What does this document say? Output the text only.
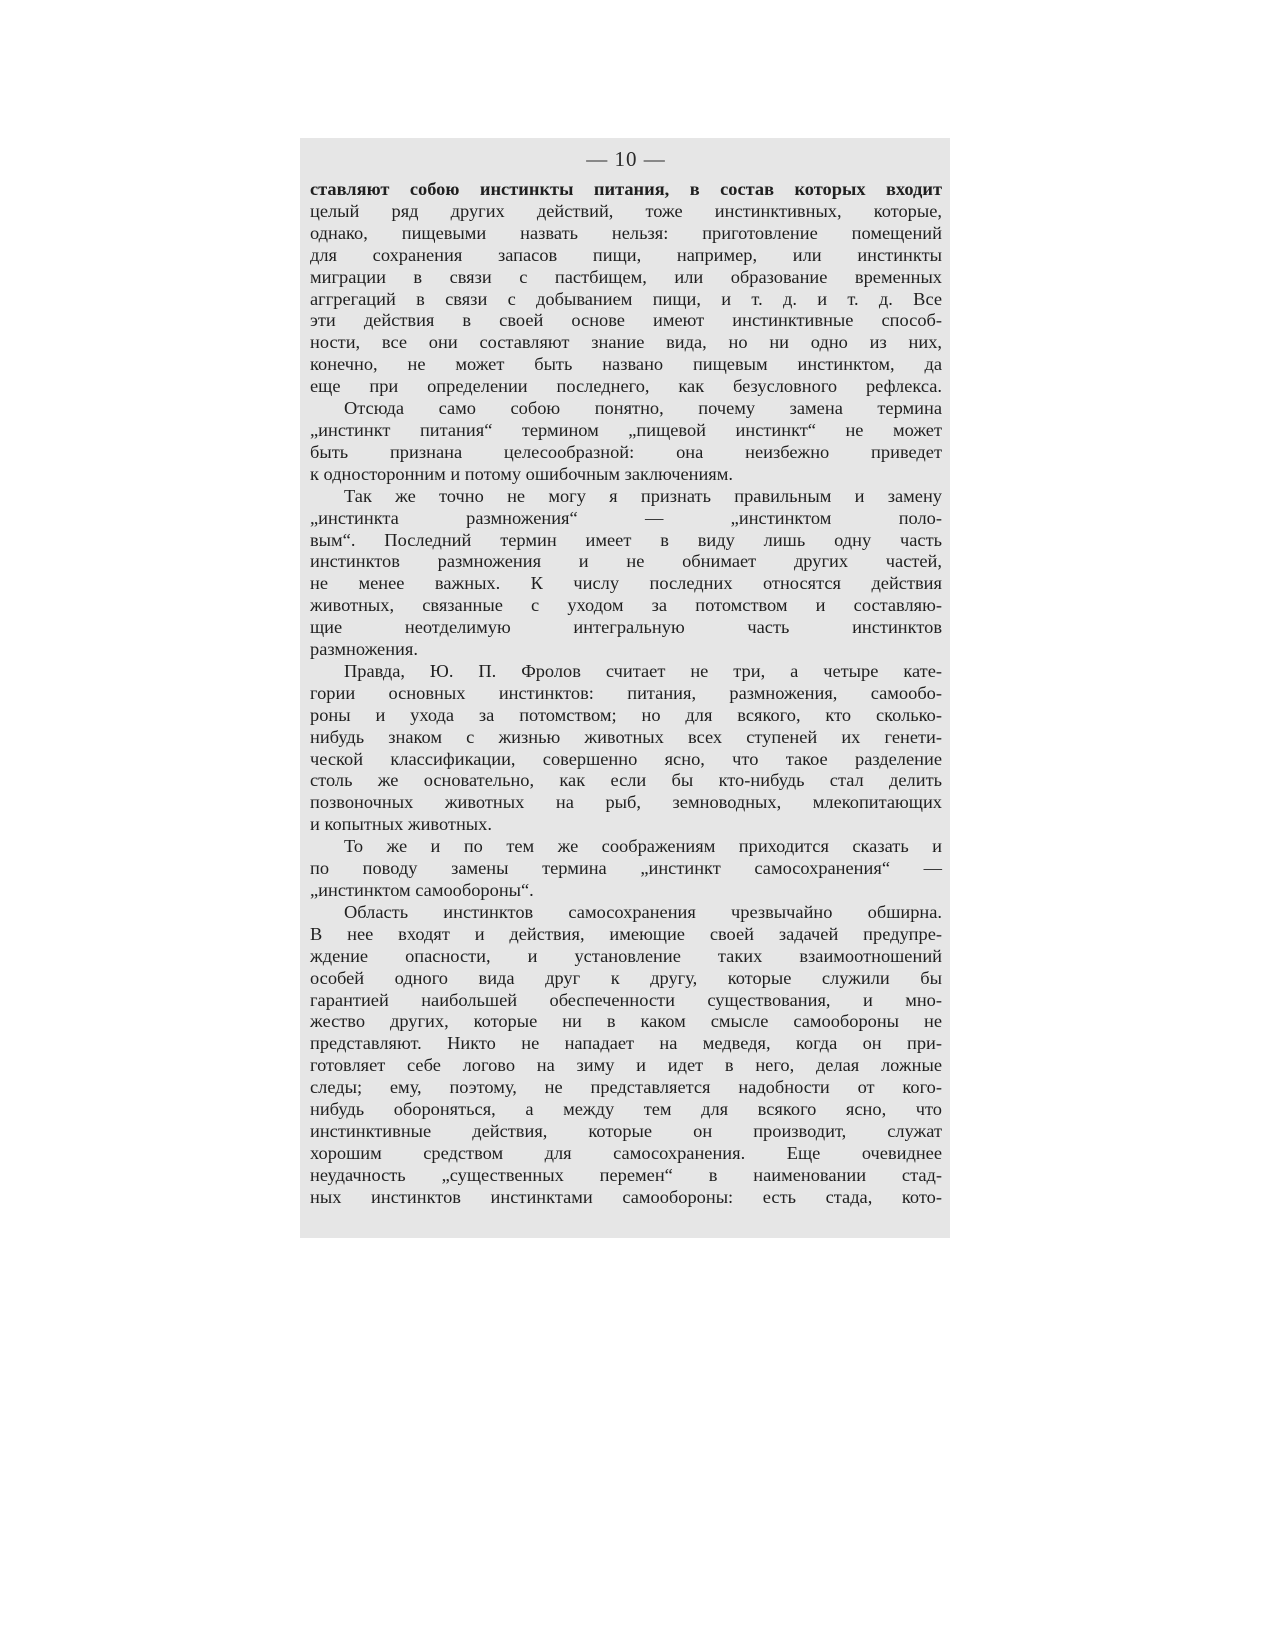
— 10 —
ставляют собою инстинкты питания, в состав которых входит
целый ряд других действий, тоже инстинктивных, которые,
однако, пищевыми назвать нельзя: приготовление помещений
для сохранения запасов пищи, например, или инстинкты
миграции в связи с пастбищем, или образование временных
аггрегаций в связи с добыванием пищи, и т. д. и т. д. Все
эти действия в своей основе имеют инстинктивные способ-
ности, все они составляют знание вида, но ни одно из них,
конечно, не может быть названо пищевым инстинктом, да
еще при определении последнего, как безусловного рефлекса.
Отсюда само собою понятно, почему замена термина
„инстинкт питания“ термином „пищевой инстинкт“ не может
быть признана целесообразной: она неизбежно приведет
к односторонним и потому ошибочным заключениям.
Так же точно не могу я признать правильным и замену
„инстинкта размножения“ — „инстинктом поло-
вым“. Последний термин имеет в виду лишь одну часть
инстинктов размножения и не обнимает других частей,
не менее важных. К числу последних относятся действия
животных, связанные с уходом за потомством и составляю-
щие неотделимую интегральную часть инстинктов
размножения.
Правда, Ю. П. Фролов считает не три, а четыре кате-
гории основных инстинктов: питания, размножения, самообо-
роны и ухода за потомством; но для всякого, кто сколько-
нибудь знаком с жизнью животных всех ступеней их генети-
ческой классификации, совершенно ясно, что такое разделение
столь же основательно, как если бы кто-нибудь стал делить
позвоночных животных на рыб, земноводных, млекопитающих
и копытных животных.
То же и по тем же соображениям приходится сказать и
по поводу замены термина „инстинкт самосохранения“ —
„инстинктом самообороны“.
Область инстинктов самосохранения чрезвычайно обширна.
В нее входят и действия, имеющие своей задачей предупре-
ждение опасности, и установление таких взаимоотношений
особей одного вида друг к другу, которые служили бы
гарантией наибольшей обеспеченности существования, и мно-
жество других, которые ни в каком смысле самообороны не
представляют. Никто не нападает на медведя, когда он при-
готовляет себе логово на зиму и идет в него, делая ложные
следы; ему, поэтому, не представляется надобности от кого-
нибудь обороняться, а между тем для всякого ясно, что
инстинктивные действия, которые он производит, служат
хорошим средством для самосохранения. Еще очевиднее
неудачность „существенных перемен“ в наименовании стад-
ных инстинктов инстинктами самообороны: есть стада, кото-
